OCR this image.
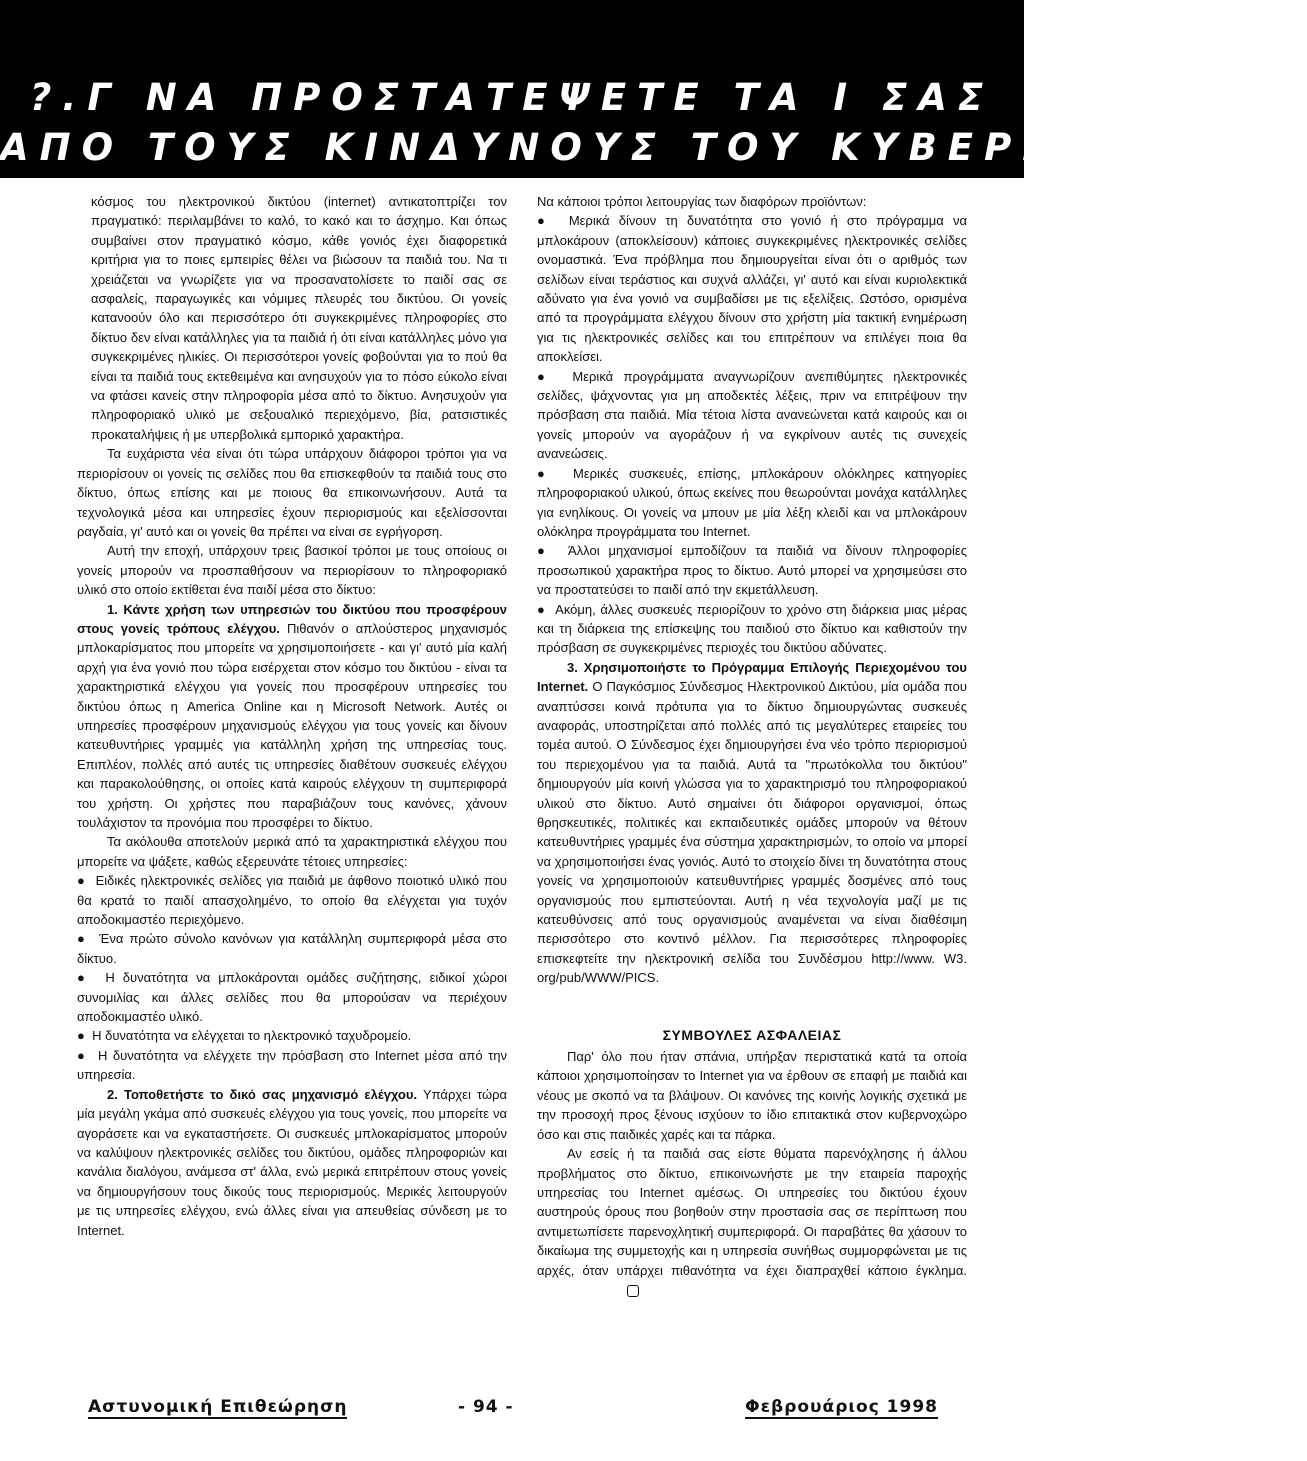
?.Γ ΝΑ ΠΡΟΣΤΑΤΕΨΕΤΕ ΤΑ Ι ΣΑΣ
ΑΠΟ ΤΟΥΣ ΚΙΝΔΥΝΟΥΣ ΤΟΥ ΚΥΒΕΡΝΟΧΩΡΟΥ

κόσμος του ηλεκτρονικού δικτύου (internet) αντικατοπτρίζει τον πραγματικό: περιλαμβάνει το καλό, το κακό και το άσχημο. Και όπως συμβαίνει στον πραγματικό κόσμο, κάθε γονιός έχει διαφορετικά κριτήρια για το ποιες εμπειρίες θέλει να βιώσουν τα παιδιά του. Να τι χρειάζεται να γνωρίζετε για να προσανατολίσετε το παιδί σας σε ασφαλείς, παραγωγικές και νόμιμες πλευρές του δικτύου. Οι γονείς κατανοούν όλο και περισσότερο ότι συγκεκριμένες πληροφορίες στο δίκτυο δεν είναι κατάλληλες για τα παιδιά ή ότι είναι κατάλληλες μόνο για συγκεκριμένες ηλικίες. Οι περισσότεροι γονείς φοβούνται για το πού θα είναι τα παιδιά τους εκτεθειμένα και ανησυχούν για το πόσο εύκολο είναι να φτάσει κανείς στην πληροφορία μέσα από το δίκτυο. Ανησυχούν για πληροφοριακό υλικό με σεξουαλικό περιεχόμενο, βία, ρατσιστικές προκαταλήψεις ή με υπερβολικά εμπορικό χαρακτήρα.

Τα ευχάριστα νέα είναι ότι τώρα υπάρχουν διάφοροι τρόποι για να περιορίσουν οι γονείς τις σελίδες που θα επισκεφθούν τα παιδιά τους στο δίκτυο, όπως επίσης και με ποιους θα επικοινωνήσουν. Αυτά τα τεχνολογικά μέσα και υπηρεσίες έχουν περιορισμούς και εξελίσσονται ραγδαία, γι' αυτό και οι γονείς θα πρέπει να είναι σε εγρήγορση.

Αυτή την εποχή, υπάρχουν τρεις βασικοί τρόποι με τους οποίους οι γονείς μπορούν να προσπαθήσουν να περιορίσουν το πληροφοριακό υλικό στο οποίο εκτίθεται ένα παιδί μέσα στο δίκτυο:

1. Κάντε χρήση των υπηρεσιών του δικτύου που προσφέρουν στους γονείς τρόπους ελέγχου. Πιθανόν ο απλούστερος μηχανισμός μπλοκαρίσματος που μπορείτε να χρησιμοποιήσετε - και γι' αυτό μία καλή αρχή για ένα γονιό που τώρα εισέρχεται στον κόσμο του δικτύου - είναι τα χαρακτηριστικά ελέγχου για γονείς που προσφέρουν υπηρεσίες του δικτύου όπως η America Online και η Microsoft Network. Αυτές οι υπηρεσίες προσφέρουν μηχανισμούς ελέγχου για τους γονείς και δίνουν κατευθυντήριες γραμμές για κατάλληλη χρήση της υπηρεσίας τους. Επιπλέον, πολλές από αυτές τις υπηρεσίες διαθέτουν συσκευές ελέγχου και παρακολούθησης, οι οποίες κατά καιρούς ελέγχουν τη συμπεριφορά του χρήστη. Οι χρήστες που παραβιάζουν τους κανόνες, χάνουν τουλάχιστον τα προνόμια που προσφέρει το δίκτυο.

Τα ακόλουθα αποτελούν μερικά από τα χαρακτηριστικά ελέγχου που μπορείτε να ψάξετε, καθώς εξερευνάτε τέτοιες υπηρεσίες:

●  Ειδικές ηλεκτρονικές σελίδες για παιδιά με άφθονο ποιοτικό υλικό που θα κρατά το παιδί απασχολημένο, το οποίο θα ελέγχεται για τυχόν αποδοκιμαστέο περιεχόμενο.

●  Ένα πρώτο σύνολο κανόνων για κατάλληλη συμπεριφορά μέσα στο δίκτυο.

●  Η δυνατότητα να μπλοκάρονται ομάδες συζήτησης, ειδικοί χώροι συνομιλίας και άλλες σελίδες που θα μπορούσαν να περιέχουν αποδοκιμαστέο υλικό.

●  Η δυνατότητα να ελέγχεται το ηλεκτρονικό ταχυδρομείο.

●  Η δυνατότητα να ελέγχετε την πρόσβαση στο Internet μέσα από την υπηρεσία.

2. Τοποθετήστε το δικό σας μηχανισμό ελέγχου. Υπάρχει τώρα μία μεγάλη γκάμα από συσκευές ελέγχου για τους γονείς, που μπορείτε να αγοράσετε και να εγκαταστήσετε. Οι συσκευές μπλοκαρίσματος μπορούν να καλύψουν ηλεκτρονικές σελίδες του δικτύου, ομάδες πληροφοριών και κανάλια διαλόγου, ανάμεσα στ' άλλα, ενώ μερικά επιτρέπουν στους γονείς να δημιουργήσουν τους δικούς τους περιορισμούς. Μερικές λειτουργούν με τις υπηρεσίες ελέγχου, ενώ άλλες είναι για απευθείας σύνδεση με το Internet.

Να κάποιοι τρόποι λειτουργίας των διαφόρων προϊόντων:

●  Μερικά δίνουν τη δυνατότητα στο γονιό ή στο πρόγραμμα να μπλοκάρουν (αποκλείσουν) κάποιες συγκεκριμένες ηλεκτρονικές σελίδες ονομαστικά. Ένα πρόβλημα που δημιουργείται είναι ότι ο αριθμός των σελίδων είναι τεράστιος και συχνά αλλάζει, γι' αυτό και είναι κυριολεκτικά αδύνατο για ένα γονιό να συμβαδίσει με τις εξελίξεις. Ωστόσο, ορισμένα από τα προγράμματα ελέγχου δίνουν στο χρήστη μία τακτική ενημέρωση για τις ηλεκτρονικές σελίδες και του επιτρέπουν να επιλέγει ποια θα αποκλείσει.

●  Μερικά προγράμματα αναγνωρίζουν ανεπιθύμητες ηλεκτρονικές σελίδες, ψάχνοντας για μη αποδεκτές λέξεις, πριν να επιτρέψουν την πρόσβαση στα παιδιά. Μία τέτοια λίστα ανανεώνεται κατά καιρούς και οι γονείς μπορούν να αγοράζουν ή να εγκρίνουν αυτές τις συνεχείς ανανεώσεις.

●  Μερικές συσκευές, επίσης, μπλοκάρουν ολόκληρες κατηγορίες πληροφοριακού υλικού, όπως εκείνες που θεωρούνται μονάχα κατάλληλες για ενηλίκους. Οι γονείς να μπουν με μία λέξη κλειδί και να μπλοκάρουν ολόκληρα προγράμματα του Internet.

●  Άλλοι μηχανισμοί εμποδίζουν τα παιδιά να δίνουν πληροφορίες προσωπικού χαρακτήρα προς το δίκτυο. Αυτό μπορεί να χρησιμεύσει στο να προστατεύσει το παιδί από την εκμετάλλευση.

●  Ακόμη, άλλες συσκευές περιορίζουν το χρόνο στη διάρκεια μιας μέρας και τη διάρκεια της επίσκεψης του παιδιού στο δίκτυο και καθιστούν την πρόσβαση σε συγκεκριμένες περιοχές του δικτύου αδύνατες.

3. Χρησιμοποιήστε το Πρόγραμμα Επιλογής Περιεχομένου του Internet. Ο Παγκόσμιος Σύνδεσμος Ηλεκτρονικού Δικτύου, μία ομάδα που αναπτύσσει κοινά πρότυπα για το δίκτυο δημιουργώντας συσκευές αναφοράς, υποστηρίζεται από πολλές από τις μεγαλύτερες εταιρείες του τομέα αυτού. Ο Σύνδεσμος έχει δημιουργήσει ένα νέο τρόπο περιορισμού του περιεχομένου για τα παιδιά. Αυτά τα "πρωτόκολλα του δικτύου" δημιουργούν μία κοινή γλώσσα για το χαρακτηρισμό του πληροφοριακού υλικού στο δίκτυο. Αυτό σημαίνει ότι διάφοροι οργανισμοί, όπως θρησκευτικές, πολιτικές και εκπαιδευτικές ομάδες μπορούν να θέτουν κατευθυντήριες γραμμές ένα σύστημα χαρακτηρισμών, το οποίο να μπορεί να χρησιμοποιήσει ένας γονιός. Αυτό το στοιχείο δίνει τη δυνατότητα στους γονείς να χρησιμοποιούν κατευθυντήριες γραμμές δοσμένες από τους οργανισμούς που εμπιστεύονται. Αυτή η νέα τεχνολογία μαζί με τις κατευθύνσεις από τους οργανισμούς αναμένεται να είναι διαθέσιμη περισσότερο στο κοντινό μέλλον. Για περισσότερες πληροφορίες επισκεφτείτε την ηλεκτρονική σελίδα του Συνδέσμου http://www. W3. org/pub/WWW/PICS.

ΣΥΜΒΟΥΛΕΣ ΑΣΦΑΛΕΙΑΣ

Παρ' όλο που ήταν σπάνια, υπήρξαν περιστατικά κατά τα οποία κάποιοι χρησιμοποίησαν το Internet για να έρθουν σε επαφή με παιδιά και νέους με σκοπό να τα βλάψουν. Οι κανόνες της κοινής λογικής σχετικά με την προσοχή προς ξένους ισχύουν το ίδιο επιτακτικά στον κυβερνοχώρο όσο και στις παιδικές χαρές και τα πάρκα.

Αν εσείς ή τα παιδιά σας είστε θύματα παρενόχλησης ή άλλου προβλήματος στο δίκτυο, επικοινωνήστε με την εταιρεία παροχής υπηρεσίας του Internet αμέσως. Οι υπηρεσίες του δικτύου έχουν αυστηρούς όρους που βοηθούν στην προστασία σας σε περίπτωση που αντιμετωπίσετε παρενοχλητική συμπεριφορά. Οι παραβάτες θα χάσουν το δικαίωμα της συμμετοχής και η υπηρεσία συνήθως συμμορφώνεται με τις αρχές, όταν υπάρχει πιθανότητα να έχει διαπραχθεί κάποιο έγκλημα.

Αστυνομική Επιθεώρηση	- 94 -	Φεβρουάριος 1998
